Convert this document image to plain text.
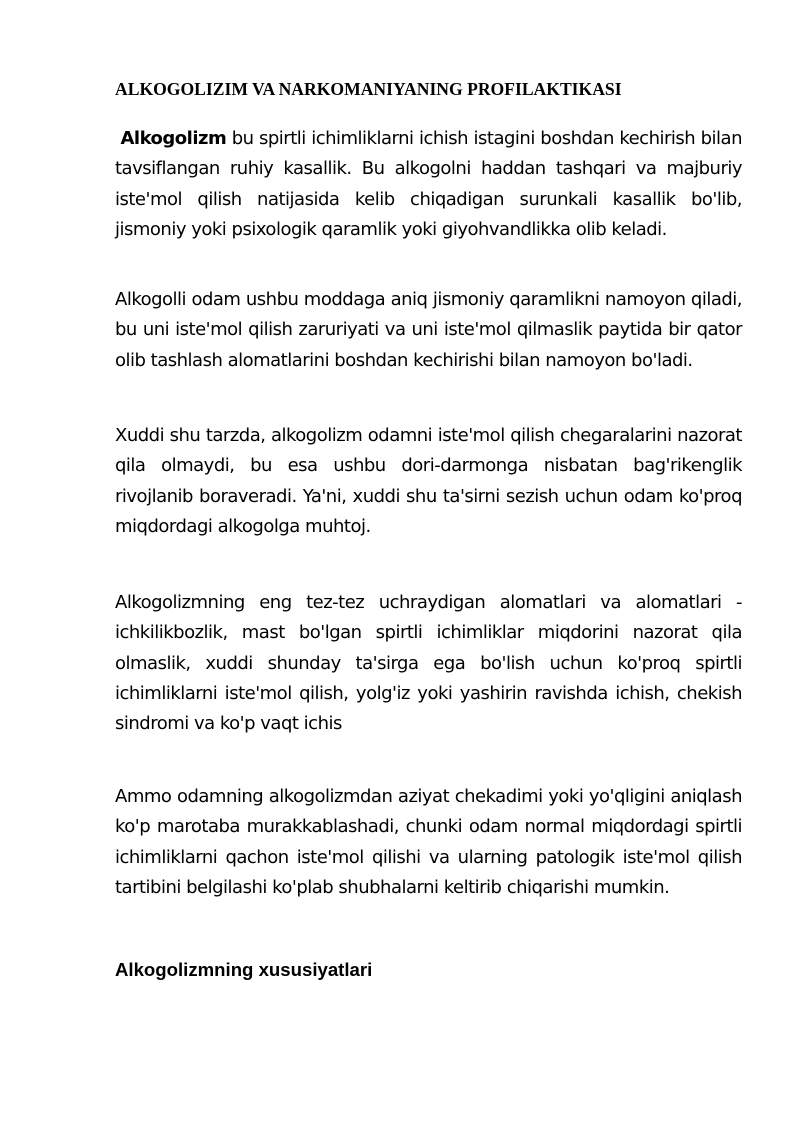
ALKOGOLIZIM VA NARKOMANIYANING PROFILAKTIKASI

Alkogolizm bu spirtli ichimliklarni ichish istagini boshdan kechirish bilan tavsiflangan ruhiy kasallik. Bu alkogolni haddan tashqari va majburiy iste'mol qilish natijasida kelib chiqadigan surunkali kasallik bo'lib, jismoniy yoki psixologik qaramlik yoki giyohvandlikka olib keladi.

Alkogolli odam ushbu moddaga aniq jismoniy qaramlikni namoyon qiladi, bu uni iste'mol qilish zaruriyati va uni iste'mol qilmaslik paytida bir qator olib tashlash alomatlarini boshdan kechirishi bilan namoyon bo'ladi.

Xuddi shu tarzda, alkogolizm odamni iste'mol qilish chegaralarini nazorat qila olmaydi, bu esa ushbu dori-darmonga nisbatan bag'rikenglik rivojlanib boraveradi. Ya'ni, xuddi shu ta'sirni sezish uchun odam ko'proq miqdordagi alkogolga muhtoj.

Alkogolizmning eng tez-tez uchraydigan alomatlari va alomatlari - ichkilikbozlik, mast bo'lgan spirtli ichimliklar miqdorini nazorat qila olmaslik, xuddi shunday ta'sirga ega bo'lish uchun ko'proq spirtli ichimliklarni iste'mol qilish, yolg'iz yoki yashirin ravishda ichish, chekish sindromi va ko'p vaqt ichis

Ammo odamning alkogolizmdan aziyat chekadimi yoki yo'qligini aniqlash ko'p marotaba murakkablashadi, chunki odam normal miqdordagi spirtli ichimliklarni qachon iste'mol qilishi va ularning patologik iste'mol qilish tartibini belgilashi ko'plab shubhalarni keltirib chiqarishi mumkin.

Alkogolizmning xususiyatlari
